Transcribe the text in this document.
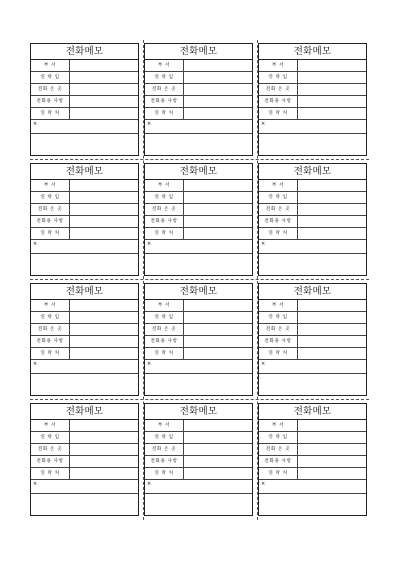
전화메모
부 서
연 락 임
전화 온 곳
전화용 사항
연 락 처
×
전화메모
부 서
연 락 임
전화 온 곳
전화용 사항
연 락 처
×
전화메모
부 서
연 락 임
전화 온 곳
전화용 사항
연 락 처
×
전화메모
부 서
연 락 임
전화 온 곳
전화용 사항
연 락 처
×
전화메모
부 서
연 락 임
전화 온 곳
전화용 사항
연 락 처
×
전화메모
부 서
연 락 임
전화 온 곳
전화용 사항
연 락 처
×
전화메모
부 서
연 락 임
전화 온 곳
전화용 사항
연 락 처
×
전화메모
부 서
연 락 임
전화 온 곳
전화용 사항
연 락 처
×
전화메모
부 서
연 락 임
전화 온 곳
전화용 사항
연 락 처
×
전화메모
부 서
연 락 임
전화 온 곳
전화용 사항
연 락 처
×
전화메모
부 서
연 락 임
전화 온 곳
전화용 사항
연 락 처
×
전화메모
부 서
연 락 임
전화 온 곳
전화용 사항
연 락 처
×
